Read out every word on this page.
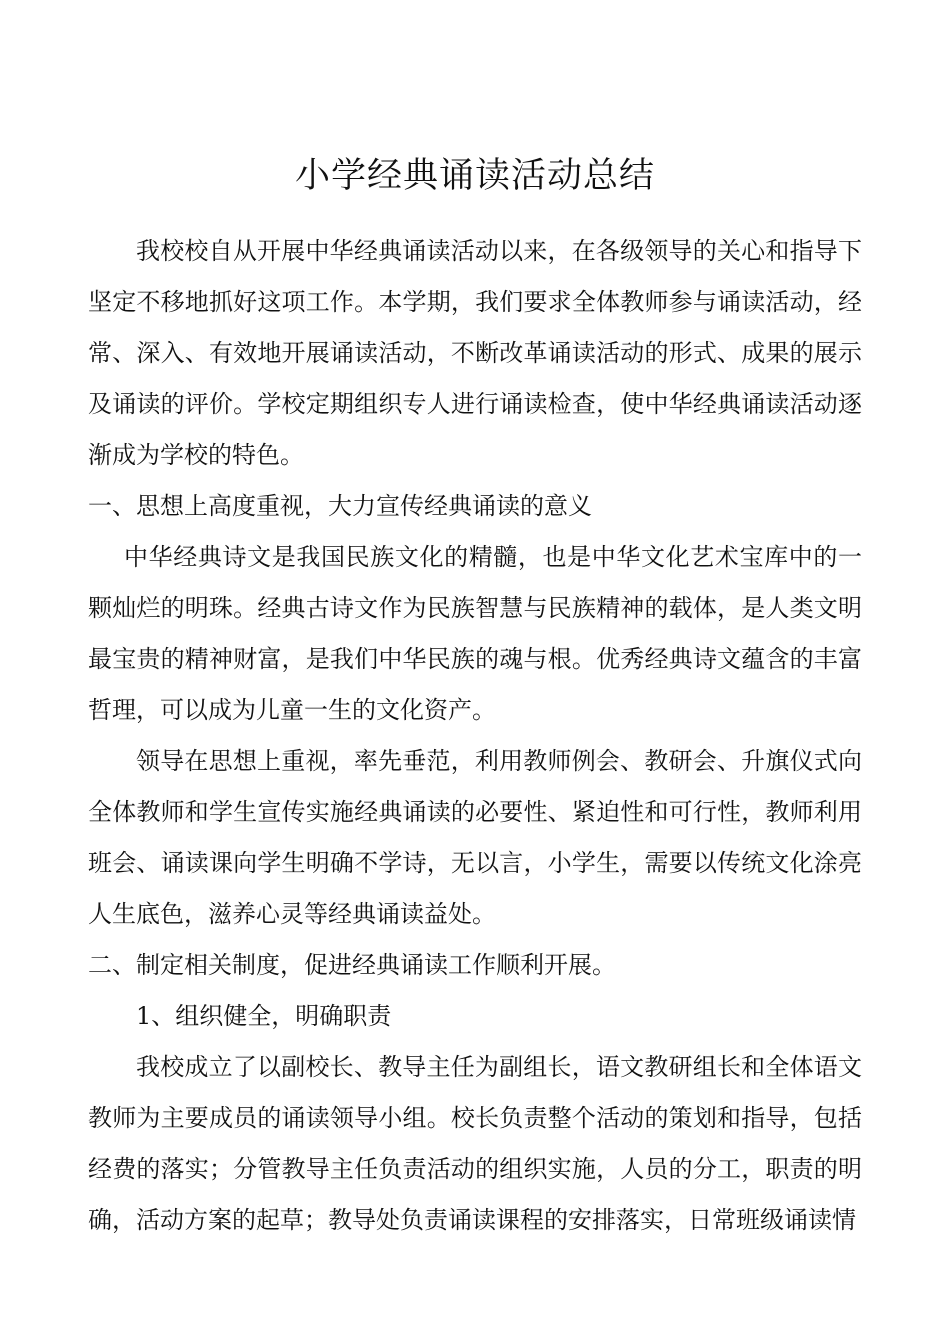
小学经典诵读活动总结

我校校自从开展中华经典诵读活动以来，在各级领导的关心和指导下坚定不移地抓好这项工作。本学期，我们要求全体教师参与诵读活动，经常、深入、有效地开展诵读活动，不断改革诵读活动的形式、成果的展示及诵读的评价。学校定期组织专人进行诵读检查，使中华经典诵读活动逐渐成为学校的特色。

一、思想上高度重视，大力宣传经典诵读的意义

中华经典诗文是我国民族文化的精髓，也是中华文化艺术宝库中的一颗灿烂的明珠。经典古诗文作为民族智慧与民族精神的载体，是人类文明最宝贵的精神财富，是我们中华民族的魂与根。优秀经典诗文蕴含的丰富哲理，可以成为儿童一生的文化资产。

领导在思想上重视，率先垂范，利用教师例会、教研会、升旗仪式向全体教师和学生宣传实施经典诵读的必要性、紧迫性和可行性，教师利用班会、诵读课向学生明确不学诗，无以言，小学生，需要以传统文化涂亮人生底色，滋养心灵等经典诵读益处。

二、制定相关制度，促进经典诵读工作顺利开展。

1、组织健全，明确职责

我校成立了以副校长、教导主任为副组长，语文教研组长和全体语文教师为主要成员的诵读领导小组。校长负责整个活动的策划和指导，包括经费的落实；分管教导主任负责活动的组织实施，人员的分工，职责的明确，活动方案的起草；教导处负责诵读课程的安排落实，日常班级诵读情
